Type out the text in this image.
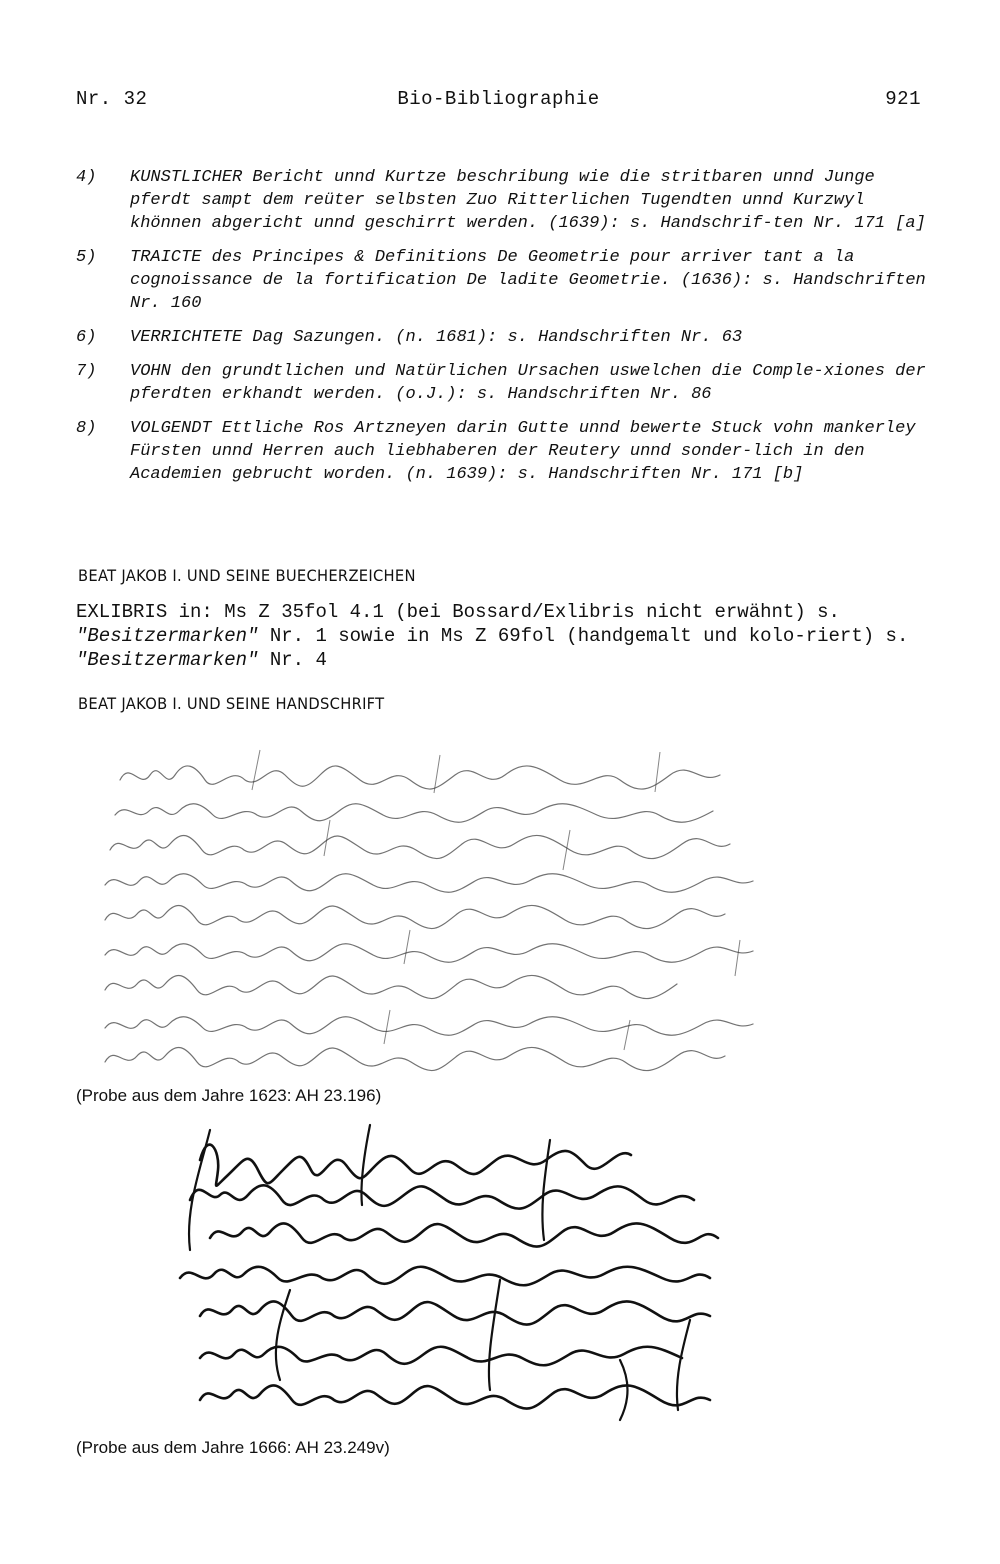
Nr. 32	Bio-Bibliographie	921
4)	KUNSTLICHER Bericht unnd Kurtze beschribung wie die stritbaren unnd Junge pferdt sampt dem reüter selbsten Zuo Ritterlichen Tugendten unnd Kurzwyl khönnen abgericht unnd geschirrt werden. (1639): s. Handschrif-ten Nr. 171 [a]
5)	TRAICTE des Principes & Definitions De Geometrie pour arriver tant a la cognoissance de la fortification De ladite Geometrie. (1636): s. Handschriften Nr. 160
6)	VERRICHTETE Dag Sazungen. (n. 1681): s. Handschriften Nr. 63
7)	VOHN den grundtlichen und Natürlichen Ursachen uswelchen die Comple-xiones der pferdten erkhandt werden. (o.J.): s. Handschriften Nr. 86
8)	VOLGENDT Ettliche Ros Artzneyen darin Gutte unnd bewerte Stuck vohn mankerley Fürsten unnd Herren auch liebhaberen der Reutery unnd sonder-lich in den Academien gebrucht worden. (n. 1639): s. Handschriften Nr. 171 [b]
BEAT JAKOB I. UND SEINE BUECHERZEICHEN
EXLIBRIS in: Ms Z 35fol 4.1 (bei Bossard/Exlibris nicht erwähnt) s. "Besitzermarken" Nr. 1 sowie in Ms Z 69fol (handgemalt und kolo-riert) s. "Besitzermarken" Nr. 4
BEAT JAKOB I. UND SEINE HANDSCHRIFT
(Probe aus dem Jahre 1623: AH 23.196)
(Probe aus dem Jahre 1666: AH 23.249v)
